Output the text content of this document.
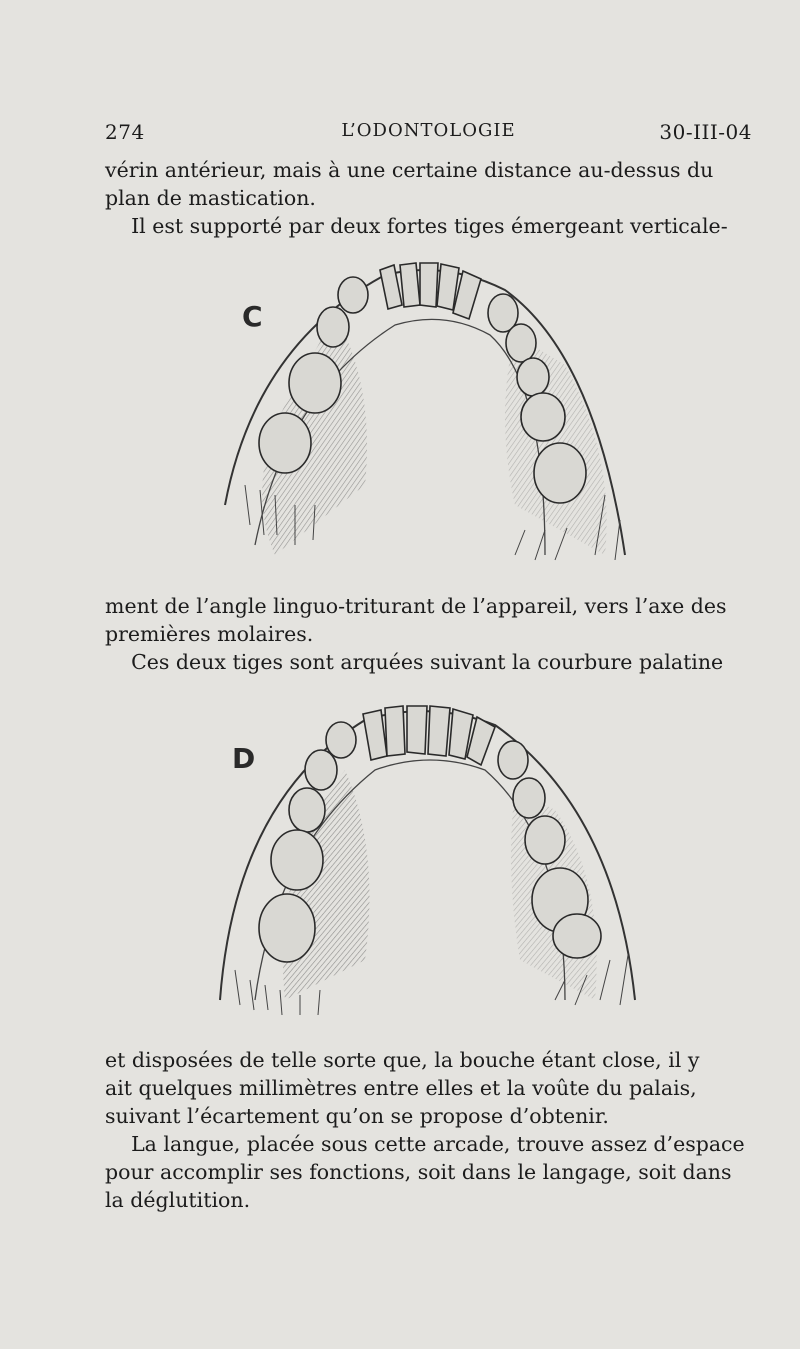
274	L’ODONTOLOGIE	30-III-04

vérin antérieur, mais à une certaine distance au-dessus du
plan de mastication.
Il est supporté par deux fortes tiges émergeant verticale-

C

ment de l’angle linguo-triturant de l’appareil, vers l’axe des
premières molaires.
Ces deux tiges sont arquées suivant la courbure palatine

D

et disposées de telle sorte que, la bouche étant close, il y
ait quelques millimètres entre elles et la voûte du palais,
suivant l’écartement qu’on se propose d’obtenir.
La langue, placée sous cette arcade, trouve assez d’espace
pour accomplir ses fonctions, soit dans le langage, soit dans
la déglutition.
